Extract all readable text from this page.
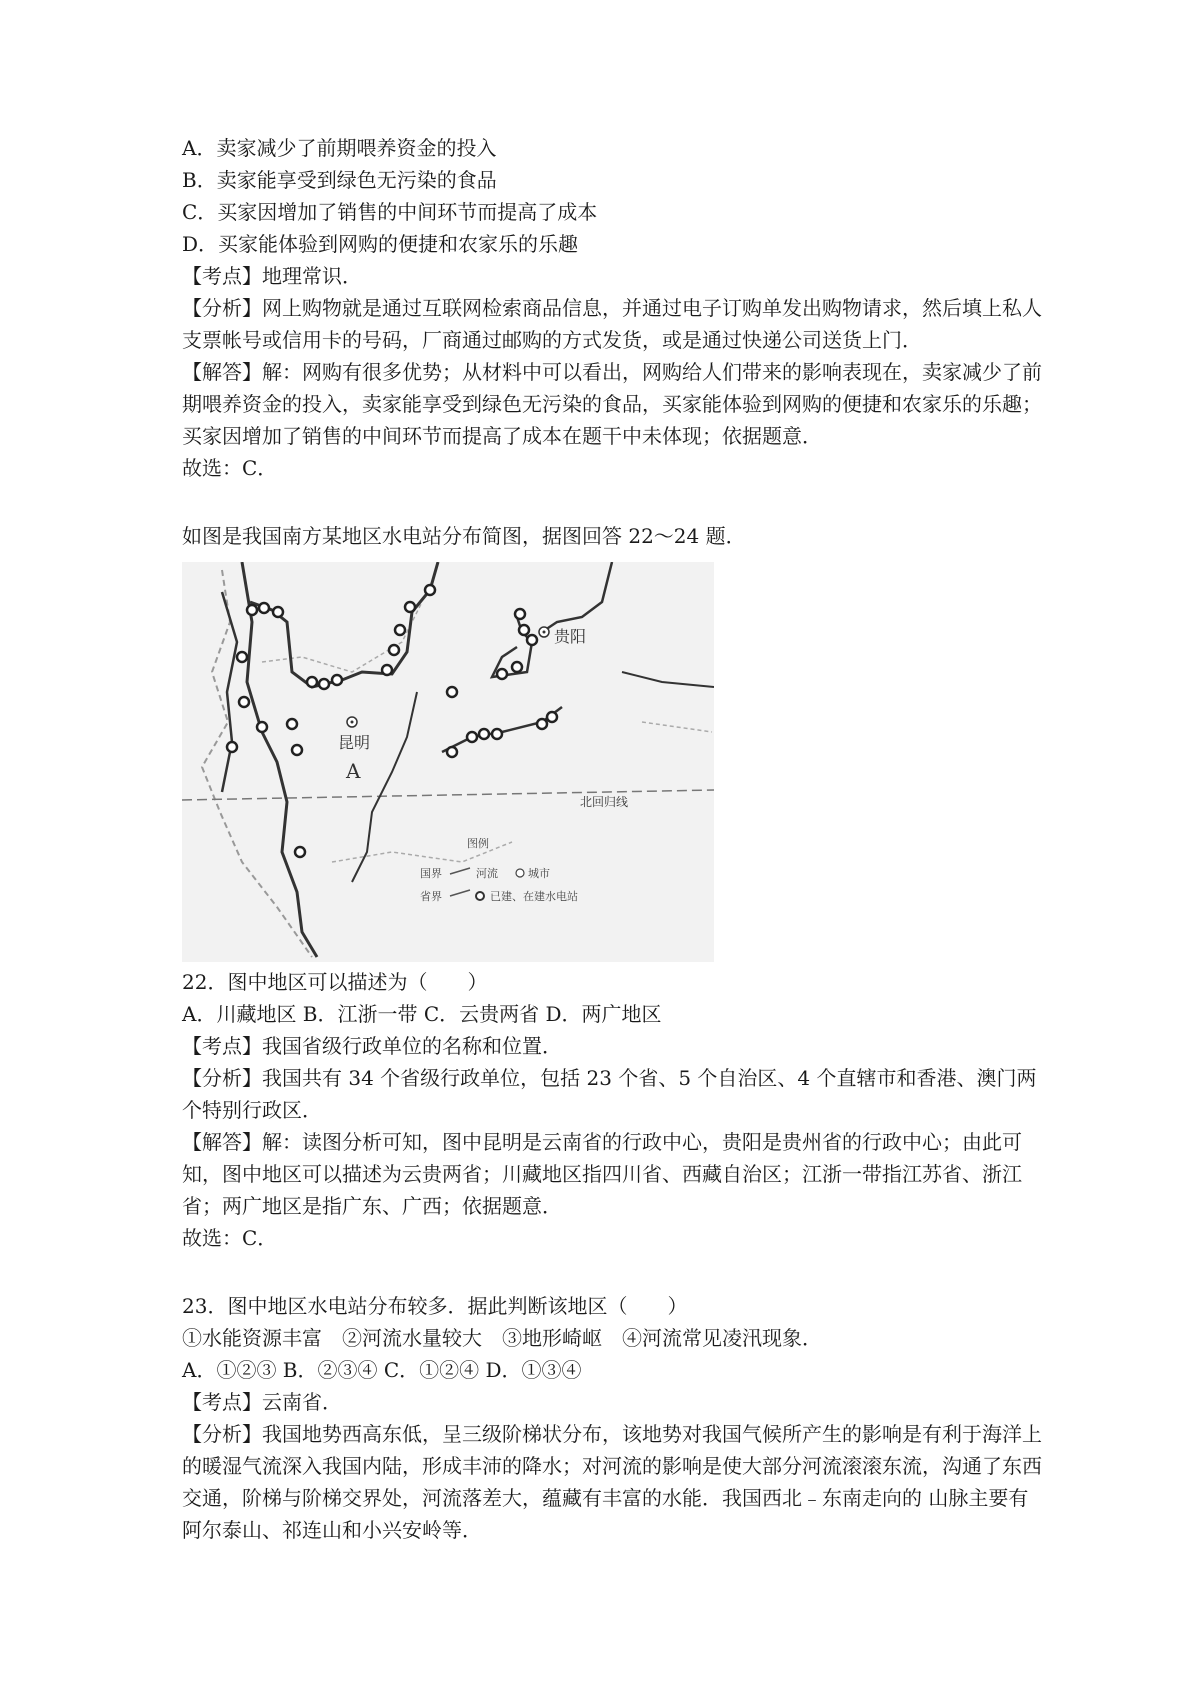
A．卖家减少了前期喂养资金的投入
B．卖家能享受到绿色无污染的食品
C．买家因增加了销售的中间环节而提高了成本
D．买家能体验到网购的便捷和农家乐的乐趣
【考点】地理常识．
【分析】网上购物就是通过互联网检索商品信息，并通过电子订购单发出购物请求，然后填上私人支票帐号或信用卡的号码，厂商通过邮购的方式发货，或是通过快递公司送货上门．
【解答】解：网购有很多优势；从材料中可以看出，网购给人们带来的影响表现在，卖家减少了前期喂养资金的投入，卖家能享受到绿色无污染的食品，买家能体验到网购的便捷和农家乐的乐趣；买家因增加了销售的中间环节而提高了成本在题干中未体现；依据题意．
故选：C．
如图是我国南方某地区水电站分布简图，据图回答 22～24 题．
北回归线
昆明
A
贵阳
图例
国界
省界
河流	城市
已建、在建水电站
22．图中地区可以描述为（　　）
A．川藏地区 B．江浙一带 C．云贵两省 D．两广地区
【考点】我国省级行政单位的名称和位置．
【分析】我国共有 34 个省级行政单位，包括 23 个省、5 个自治区、4 个直辖市和香港、澳门两个特别行政区．
【解答】解：读图分析可知，图中昆明是云南省的行政中心，贵阳是贵州省的行政中心；由此可知，图中地区可以描述为云贵两省；川藏地区指四川省、西藏自治区；江浙一带指江苏省、浙江省；两广地区是指广东、广西；依据题意．
故选：C．
23．图中地区水电站分布较多．据此判断该地区（　　）
①水能资源丰富　②河流水量较大　③地形崎岖　④河流常见凌汛现象．
A．①②③ B．②③④ C．①②④ D．①③④
【考点】云南省．
【分析】我国地势西高东低，呈三级阶梯状分布，该地势对我国气候所产生的影响是有利于海洋上的暖湿气流深入我国内陆，形成丰沛的降水；对河流的影响是使大部分河流滚滚东流，沟通了东西交通，阶梯与阶梯交界处，河流落差大，蕴藏有丰富的水能．我国西北﹣东南走向的 山脉主要有阿尔泰山、祁连山和小兴安岭等．
